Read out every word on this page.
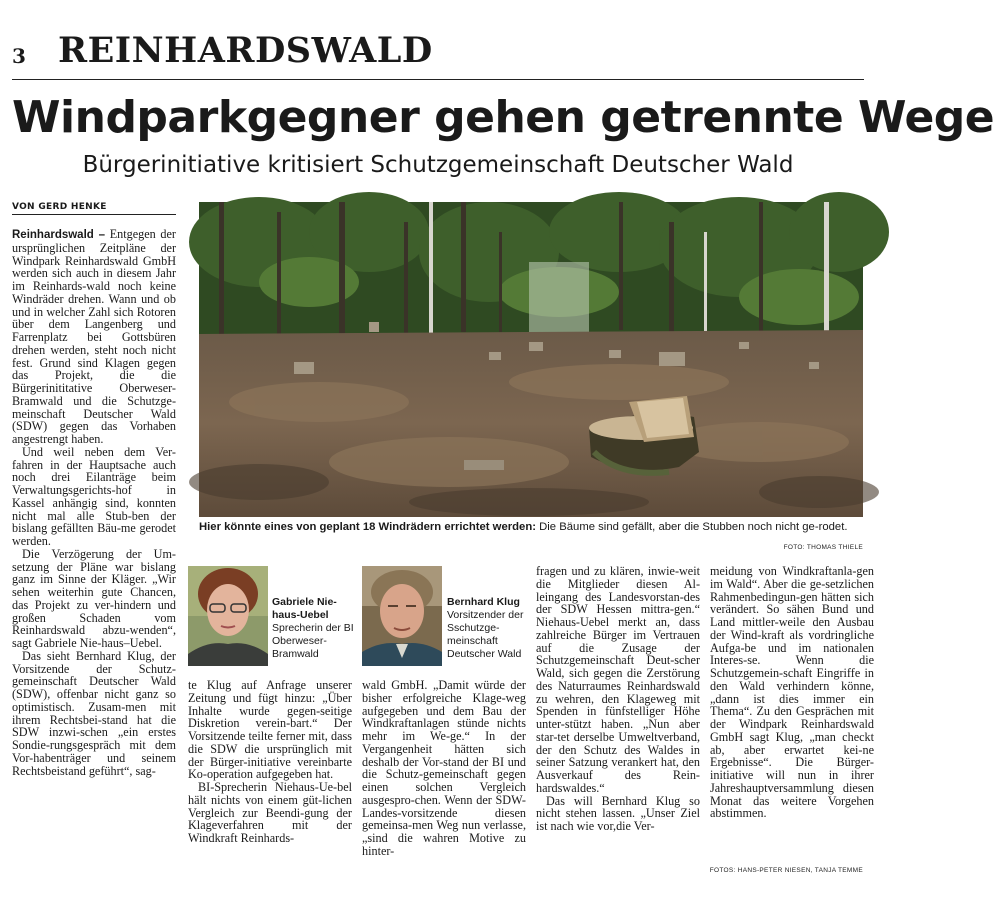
3 REINHARDSWALD
Windparkgegner gehen getrennte Wege
Bürgerinitiative kritisiert Schutzgemeinschaft Deutscher Wald
VON GERD HENKE

Reinhardswald – Entgegen der ursprünglichen Zeitpläne der Windpark Reinhardswald GmbH werden sich auch in diesem Jahr im Reinhards-wald noch keine Windräder drehen. Wann und ob und in welcher Zahl sich Rotoren über dem Langenberg und Farrenplatz bei Gottsbüren drehen werden, steht noch nicht fest. Grund sind Klagen gegen das Projekt, die die Bürgerinititative Oberweser-Bramwald und die Schutzge-meinschaft Deutscher Wald (SDW) gegen das Vorhaben angestrengt haben.

Und weil neben dem Ver-fahren in der Hauptsache auch noch drei Eilanträge beim Verwaltungsgerichts-hof in Kassel anhängig sind, konnten nicht mal alle Stub-ben der bislang gefällten Bäu-me gerodet werden.

Die Verzögerung der Um-setzung der Pläne war bislang ganz im Sinne der Kläger. „Wir sehen weiterhin gute Chancen, das Projekt zu ver-hindern und großen Schaden vom Reinhardswald abzu-wenden“, sagt Gabriele Nie-haus–Uebel.

Das sieht Bernhard Klug, der Vorsitzende der Schutz-gemeinschaft Deutscher Wald (SDW), offenbar nicht ganz so optimistisch. Zusam-men mit ihrem Rechtsbei-stand hat die SDW inzwi-schen „ein erstes Sondie-rungsgespräch mit dem Vor-habenträger und seinem Rechtsbeistand geführt“, sag-

Hier könnte eines von geplant 18 Windrädern errichtet werden: Die Bäume sind gefällt, aber die Stubben noch nicht ge-rodet.
FOTO: THOMAS THIELE
Gabriele Nie-haus-Uebel
Sprecherin der BI Oberweser-Bramwald
Bernhard Klug
Vorsitzender der Sschutzge-meinschaft Deutscher Wald

te Klug auf Anfrage unserer Zeitung und fügt hinzu: „Über Inhalte wurde gegen-seitige Diskretion verein-bart.“ Der Vorsitzende teilte ferner mit, dass die SDW die ursprünglich mit der Bürger-initiative vereinbarte Ko-operation aufgegeben hat.

BI-Sprecherin Niehaus-Ue-bel hält nichts von einem güt-lichen Vergleich zur Beendi-gung der Klageverfahren mit der Windkraft Reinhards-

wald GmbH. „Damit würde der bisher erfolgreiche Klage-weg aufgegeben und dem Bau der Windkraftanlagen stünde nichts mehr im We-ge.“ In der Vergangenheit hätten sich deshalb der Vor-stand der BI und die Schutz-gemeinschaft gegen einen solchen Vergleich ausgespro-chen. Wenn der SDW-Landes-vorsitzende diesen gemeinsa-men Weg nun verlasse, „sind die wahren Motive zu hinter-

fragen und zu klären, inwie-weit die Mitglieder diesen Al-leingang des Landesvorstan-des der SDW Hessen mittra-gen.“ Niehaus-Uebel merkt an, dass zahlreiche Bürger im Vertrauen auf die Zusage der Schutzgemeinschaft Deut-scher Wald, sich gegen die Zerstörung des Naturraumes Reinhardswald zu wehren, den Klageweg mit Spenden in fünfstelliger Höhe unter-stützt haben. „Nun aber star-tet derselbe Umweltverband, der den Schutz des Waldes in seiner Satzung verankert hat, den Ausverkauf des Rein-hardswaldes.“

Das will Bernhard Klug so nicht stehen lassen. „Unser Ziel ist nach wie vor,die Ver-

meidung von Windkraftanla-gen im Wald“. Aber die ge-setzlichen Rahmenbedingun-gen hätten sich verändert. So sähen Bund und Land mittler-weile den Ausbau der Wind-kraft als vordringliche Aufga-be und im nationalen Interes-se. Wenn die Schutzgemein-schaft Eingriffe in den Wald verhindern könne, „dann ist dies immer ein Thema“. Zu den Gesprächen mit der Windpark Reinhardswald GmbH sagt Klug, „man checkt ab, aber erwartet kei-ne Ergebnisse“. Die Bürger-initiative will nun in ihrer Jahreshauptversammlung diesen Monat das weitere Vorgehen abstimmen.

FOTOS: HANS-PETER NIESEN, TANJA TEMME
